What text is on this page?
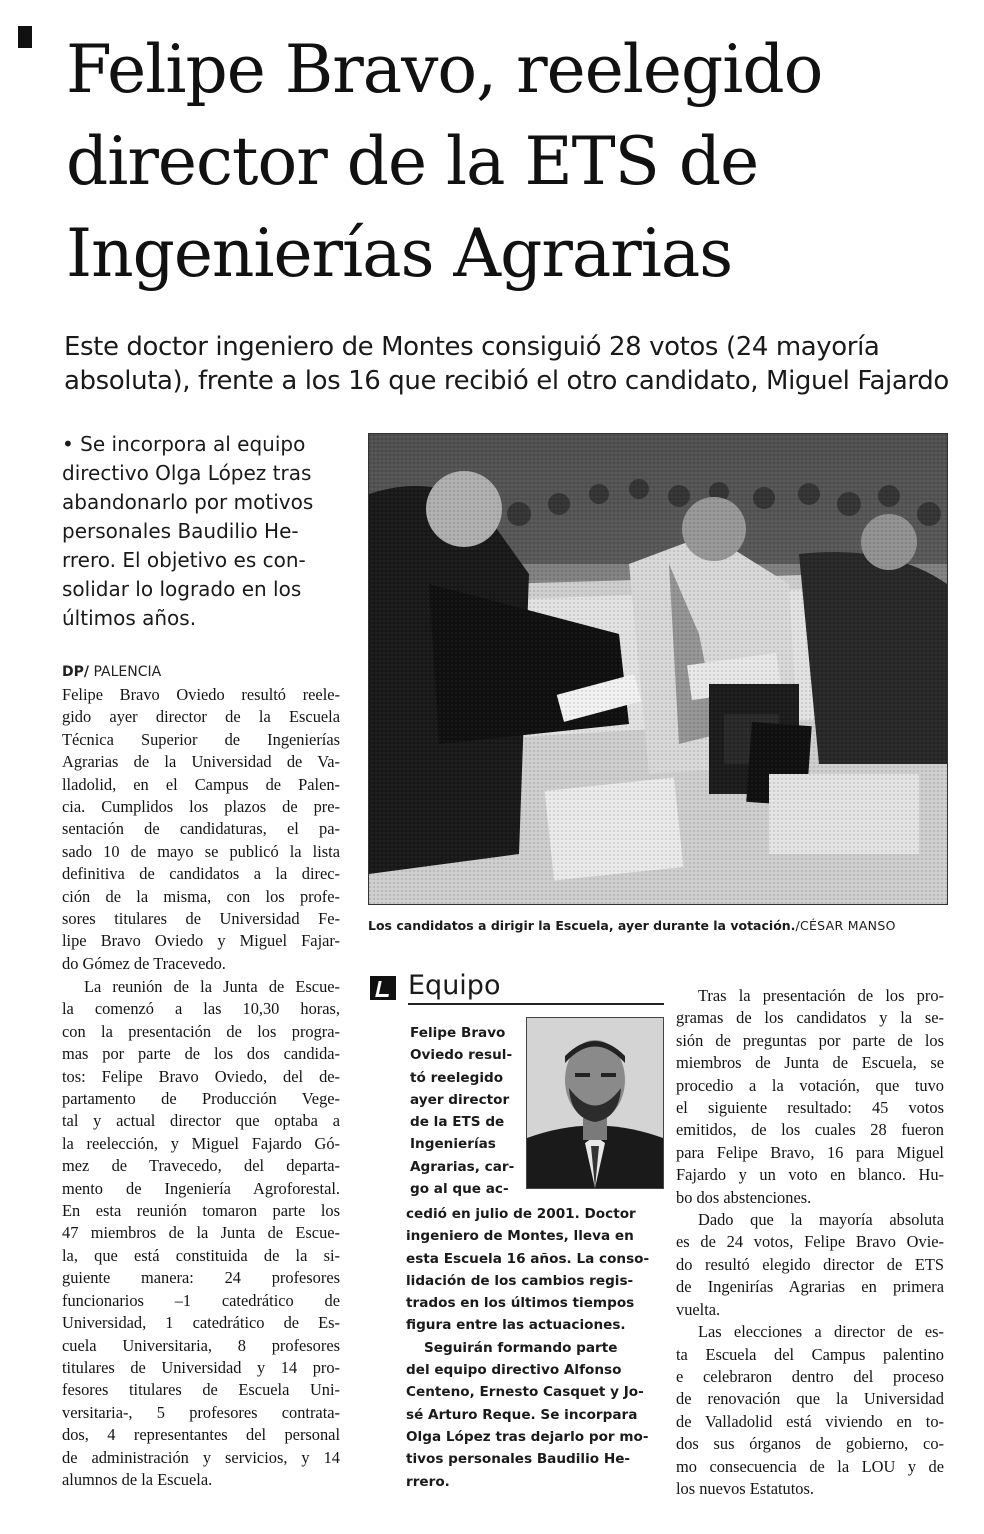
Felipe Bravo, reelegido
director de la ETS de
Ingenierías Agrarias
Este doctor ingeniero de Montes consiguió 28 votos (24 mayoría
absoluta), frente a los 16 que recibió el otro candidato, Miguel Fajardo
• Se incorpora al equipo
directivo Olga López tras
abandonarlo por motivos
personales Baudilio He-
rrero. El objetivo es con-
solidar lo logrado en los
últimos años.
DP/ PALENCIA
Felipe Bravo Oviedo resultó reele-
gido ayer director de la Escuela
Técnica Superior de Ingenierías
Agrarias de la Universidad de Va-
lladolid, en el Campus de Palen-
cia. Cumplidos los plazos de pre-
sentación de candidaturas, el pa-
sado 10 de mayo se publicó la lista
definitiva de candidatos a la direc-
ción de la misma, con los profe-
sores titulares de Universidad Fe-
lipe Bravo Oviedo y Miguel Fajar-
do Gómez de Tracevedo.
La reunión de la Junta de Escue-
la comenzó a las 10,30 horas,
con la presentación de los progra-
mas por parte de los dos candida-
tos: Felipe Bravo Oviedo, del de-
partamento de Producción Vege-
tal y actual director que optaba a
la reelección, y Miguel Fajardo Gó-
mez de Travecedo, del departa-
mento de Ingeniería Agroforestal.
En esta reunión tomaron parte los
47 miembros de la Junta de Escue-
la, que está constituida de la si-
guiente manera: 24 profesores
funcionarios –1 catedrático de
Universidad, 1 catedrático de Es-
cuela Universitaria, 8 profesores
titulares de Universidad y 14 pro-
fesores titulares de Escuela Uni-
versitaria-, 5 profesores contrata-
dos, 4 representantes del personal
de administración y servicios, y 14
alumnos de la Escuela.
Los candidatos a dirigir la Escuela, ayer durante la votación./CÉSAR MANSO
Equipo
Felipe Bravo
Oviedo resul-
tó reelegido
ayer director
de la ETS de
Ingenierías
Agrarias, car-
go al que ac-
cedió en julio de 2001. Doctor
ingeniero de Montes, lleva en
esta Escuela 16 años. La conso-
lidación de los cambios regis-
trados en los últimos tiempos
figura entre las actuaciones.
Seguirán formando parte
del equipo directivo Alfonso
Centeno, Ernesto Casquet y Jo-
sé Arturo Reque. Se incorpara
Olga López tras dejarlo por mo-
tivos personales Baudilio He-
rrero.
Tras la presentación de los pro-
gramas de los candidatos y la se-
sión de preguntas por parte de los
miembros de Junta de Escuela, se
procedio a la votación, que tuvo
el siguiente resultado: 45 votos
emitidos, de los cuales 28 fueron
para Felipe Bravo, 16 para Miguel
Fajardo y un voto en blanco. Hu-
bo dos abstenciones.
Dado que la mayoría absoluta
es de 24 votos, Felipe Bravo Ovie-
do resultó elegido director de ETS
de Ingenirías Agrarias en primera
vuelta.
Las elecciones a director de es-
ta Escuela del Campus palentino
e celebraron dentro del proceso
de renovación que la Universidad
de Valladolid está viviendo en to-
dos sus órganos de gobierno, co-
mo consecuencia de la LOU y de
los nuevos Estatutos.
